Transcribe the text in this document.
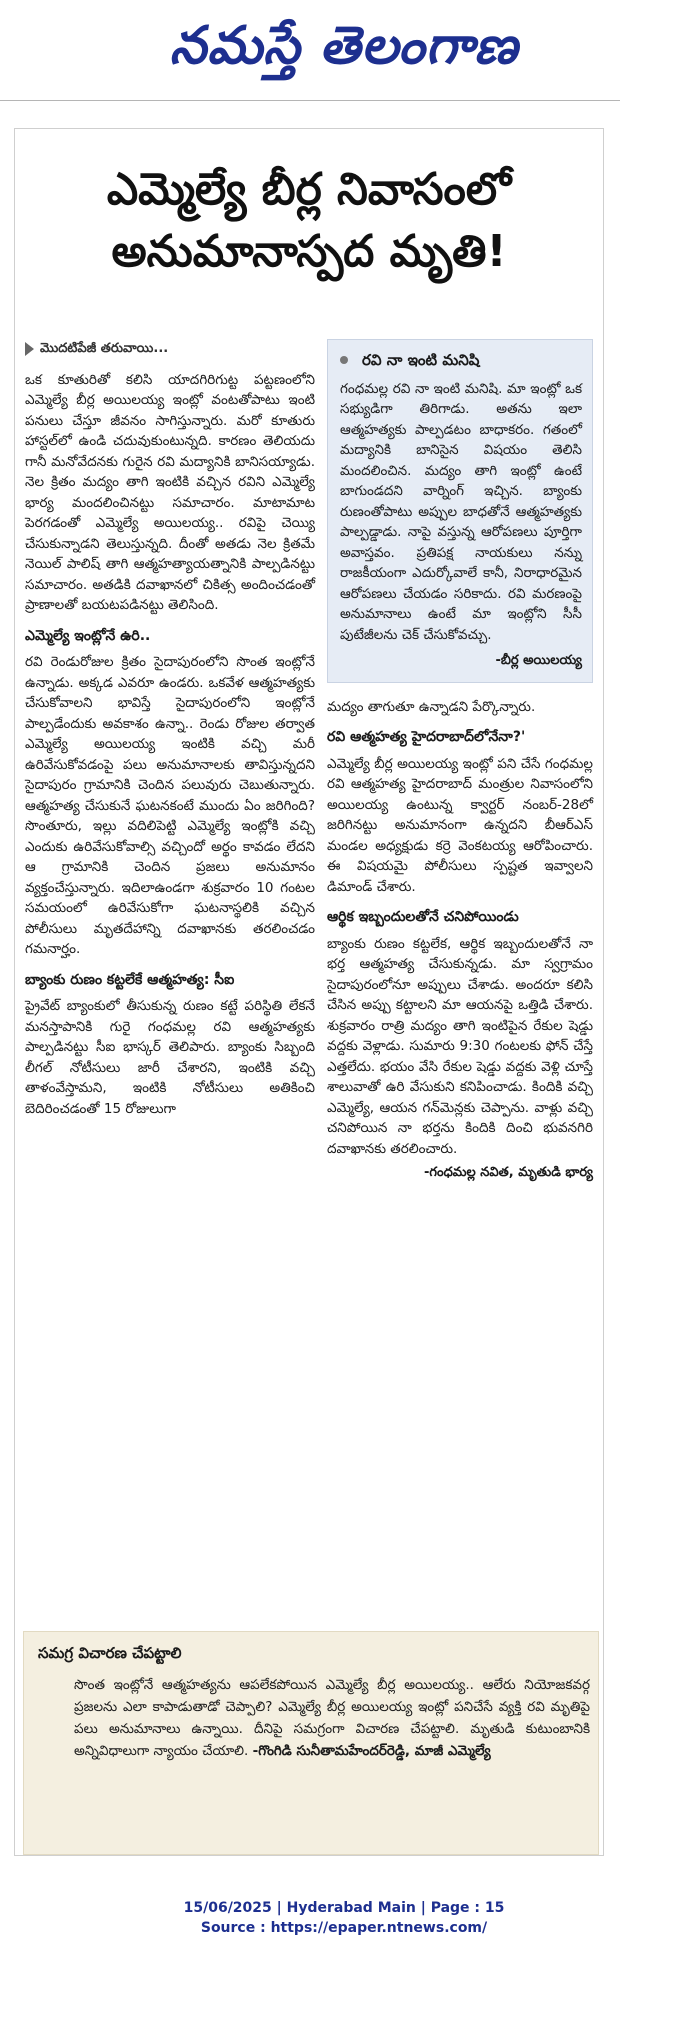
నమస్తే తెలంగాణ
ఎమ్మెల్యే బీర్ల నివాసంలో
అనుమానాస్పద మృతి!
మొదటిపేజీ తరువాయి...

ఒక కూతురితో కలిసి యాదగిరిగుట్ట పట్టణంలోని ఎమ్మెల్యే బీర్ల అయిలయ్య ఇంట్లో వంటతోపాటు ఇంటి పనులు చేస్తూ జీవనం సాగిస్తున్నారు. మరో కూతురు హాస్టల్‌లో ఉండి చదువుకుంటున్నది. కారణం తెలియదు గానీ మనోవేదనకు గురైన రవి మద్యానికి బానిసయ్యాడు. నెల క్రితం మద్యం తాగి ఇంటికి వచ్చిన రవిని ఎమ్మెల్యే భార్య మందలించినట్టు సమాచారం. మాటామాట పెరగడంతో ఎమ్మెల్యే అయిలయ్య.. రవిపై చెయ్యి చేసుకున్నాడని తెలుస్తున్నది. దీంతో అతడు నెల క్రితమే నెయిల్ పాలిష్ తాగి ఆత్మహత్యాయత్నానికి పాల్పడినట్టు సమాచారం. అతడికి దవాఖానలో చికిత్స అందించడంతో ప్రాణాలతో బయటపడినట్టు తెలిసింది.

ఎమ్మెల్యే ఇంట్లోనే ఉరి..

రవి రెండురోజుల క్రితం సైదాపురంలోని సొంత ఇంట్లోనే ఉన్నాడు. అక్కడ ఎవరూ ఉండరు. ఒకవేళ ఆత్మహత్యకు చేసుకోవాలని భావిస్తే సైదాపురంలోని ఇంట్లోనే పాల్పడేందుకు అవకాశం ఉన్నా.. రెండు రోజుల తర్వాత ఎమ్మెల్యే అయిలయ్య ఇంటికి వచ్చి మరీ ఉరివేసుకోవడంపై పలు అనుమానాలకు తావిస్తున్నదని సైదాపురం గ్రామానికి చెందిన పలువురు చెబుతున్నారు. ఆత్మహత్య చేసుకునే ఘటనకంటే ముందు ఏం జరిగింది? సొంతూరు, ఇల్లు వదిలిపెట్టి ఎమ్మెల్యే ఇంట్లోకి వచ్చి ఎందుకు ఉరివేసుకోవాల్సి వచ్చిందో అర్థం కావడం లేదని ఆ గ్రామానికి చెందిన ప్రజలు అనుమానం వ్యక్తంచేస్తున్నారు. ఇదిలాఉండగా శుక్రవారం 10 గంటల సమయంలో ఉరివేసుకోగా ఘటనాస్థలికి వచ్చిన పోలీసులు మృతదేహాన్ని దవాఖానకు తరలించడం గమనార్హం.

బ్యాంకు రుణం కట్టలేకే ఆత్మహత్య: సీఐ

ప్రైవేట్ బ్యాంకులో తీసుకున్న రుణం కట్టే పరిస్థితి లేకనే మనస్తాపానికి గురై గంధమల్ల రవి ఆత్మహత్యకు పాల్పడినట్టు సీఐ భాస్కర్ తెలిపారు. బ్యాంకు సిబ్బంది లీగల్ నోటీసులు జారీ చేశారని, ఇంటికి వచ్చి తాళంవేస్తామని, ఇంటికి నోటీసులు అతికించి బెదిరించడంతో 15 రోజులుగా

రవి నా ఇంటి మనిషి

గంధమల్ల రవి నా ఇంటి మనిషి. మా ఇంట్లో ఒక సభ్యుడిగా తిరిగాడు. అతను ఇలా ఆత్మహత్యకు పాల్పడటం బాధాకరం. గతంలో మద్యానికి బానిసైన విషయం తెలిసి మందలించిన. మద్యం తాగి ఇంట్లో ఉంటే బాగుండదని వార్నింగ్ ఇచ్చిన. బ్యాంకు రుణంతోపాటు అప్పుల బాధతోనే ఆత్మహత్యకు పాల్పడ్డాడు. నాపై వస్తున్న ఆరోపణలు పూర్తిగా అవాస్తవం. ప్రతిపక్ష నాయకులు నన్ను రాజకీయంగా ఎదుర్కోవాలే కానీ, నిరాధారమైన ఆరోపణలు చేయడం సరికాదు. రవి మరణంపై అనుమానాలు ఉంటే మా ఇంట్లోని సీసీ పుటేజీలను చెక్ చేసుకోవచ్చు.

-బీర్ల అయిలయ్య

మద్యం తాగుతూ ఉన్నాడని పేర్కొన్నారు.

రవి ఆత్మహత్య హైదరాబాద్‌లోనేనా?'

ఎమ్మెల్యే బీర్ల అయిలయ్య ఇంట్లో పని చేసే గంధమల్ల రవి ఆత్మహత్య హైదరాబాద్ మంత్రుల నివాసంలోని అయిలయ్య ఉంటున్న క్వార్టర్ నంబర్-28లో జరిగినట్టు అనుమానంగా ఉన్నదని బీఆర్‌ఎస్ మండల అధ్యక్షుడు కర్రె వెంకటయ్య ఆరోపించారు. ఈ విషయమై పోలీసులు స్పష్టత ఇవ్వాలని డిమాండ్ చేశారు.

ఆర్థిక ఇబ్బందులతోనే చనిపోయిండు

బ్యాంకు రుణం కట్టలేక, ఆర్థిక ఇబ్బందులతోనే నా భర్త ఆత్మహత్య చేసుకున్నడు. మా స్వగ్రామం సైదాపురంలోనూ అప్పులు చేశాడు. అందరూ కలిసి చేసిన అప్పు కట్టాలని మా ఆయనపై ఒత్తిడి చేశారు. శుక్రవారం రాత్రి మద్యం తాగి ఇంటిపైన రేకుల షెడ్డు వద్దకు వెళ్లాడు. సుమారు 9:30 గంటలకు ఫోన్ చేస్తే ఎత్తలేదు. భయం వేసి రేకుల షెడ్డు వద్దకు వెళ్లి చూస్తే శాలువాతో ఉరి వేసుకుని కనిపించాడు. కిందికి వచ్చి ఎమ్మెల్యే, ఆయన గన్‌మెన్లకు చెప్పాను. వాళ్లు వచ్చి చనిపోయిన నా భర్తను కిందికి దించి భువనగిరి దవాఖానకు తరలించారు.

-గంధమల్ల నవిత, మృతుడి భార్య
సమగ్ర విచారణ చేపట్టాలి
సొంత ఇంట్లోనే ఆత్మహత్యను ఆపలేకపోయిన ఎమ్మెల్యే బీర్ల అయిలయ్య.. ఆలేరు నియోజకవర్గ ప్రజలను ఎలా కాపాడుతాడో చెప్పాలి? ఎమ్మెల్యే బీర్ల అయిలయ్య ఇంట్లో పనిచేసే వ్యక్తి రవి మృతిపై పలు అనుమానాలు ఉన్నాయి. దీనిపై సమగ్రంగా విచారణ చేపట్టాలి. మృతుడి కుటుంబానికి అన్నివిధాలుగా న్యాయం చేయాలి. -గొంగిడి సునీతామహేందర్‌రెడ్డి, మాజీ ఎమ్మెల్యే
15/06/2025 | Hyderabad Main | Page : 15
Source : https://epaper.ntnews.com/
